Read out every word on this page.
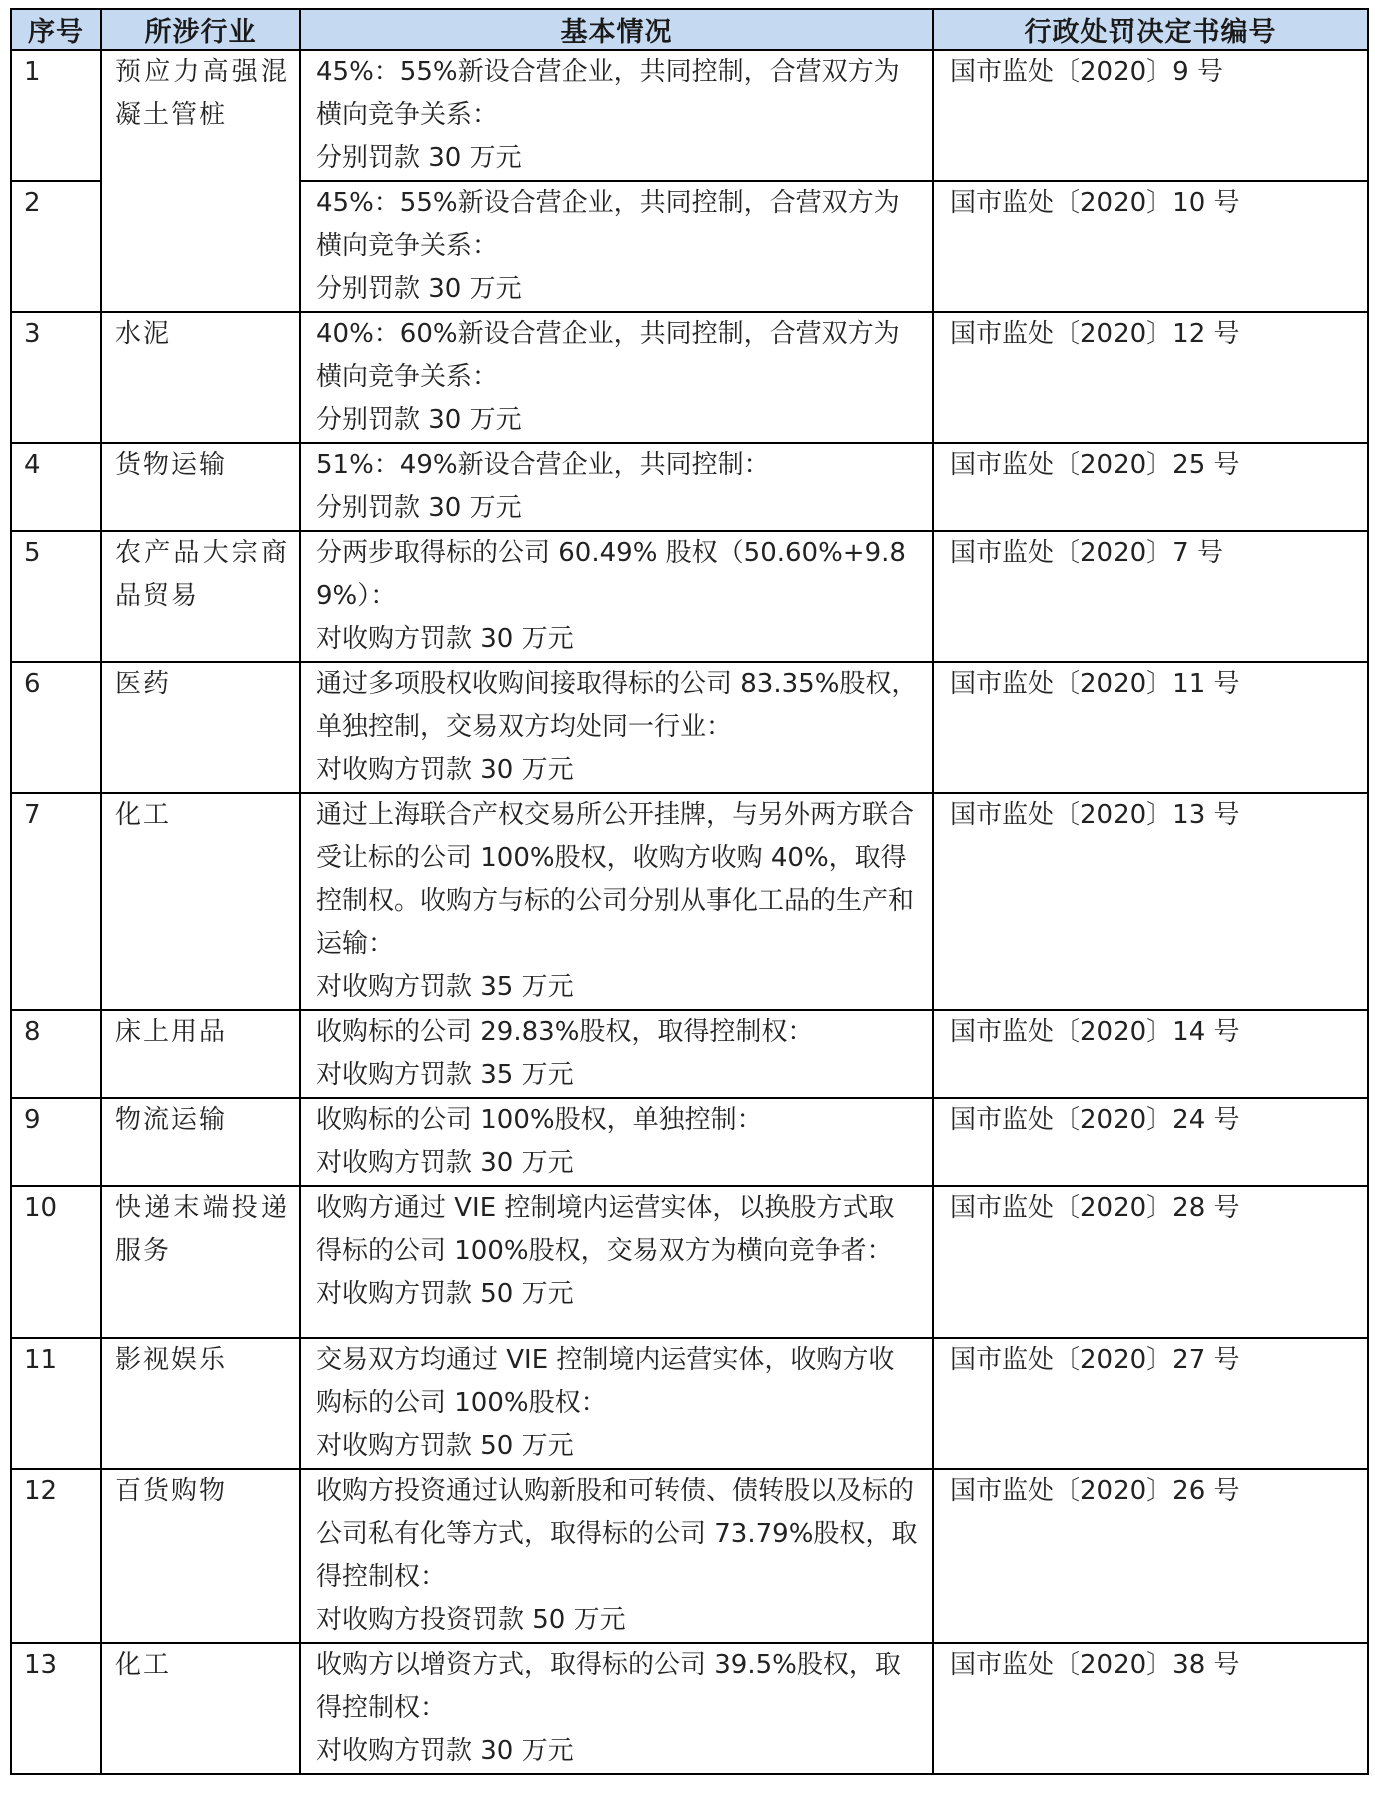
序号	所涉行业	基本情况	行政处罚决定书编号
1	预应力高强混凝土管桩	45%：55%新设合营企业，共同控制，合营双方为横向竞争关系：
分别罚款 30 万元	国市监处〔2020〕9 号
2		45%：55%新设合营企业，共同控制，合营双方为横向竞争关系：
分别罚款 30 万元	国市监处〔2020〕10 号
3	水泥	40%：60%新设合营企业，共同控制，合营双方为横向竞争关系：
分别罚款 30 万元	国市监处〔2020〕12 号
4	货物运输	51%：49%新设合营企业，共同控制：
分别罚款 30 万元	国市监处〔2020〕25 号
5	农产品大宗商品贸易	分两步取得标的公司 60.49% 股权（50.60%+9.89%）：
对收购方罚款 30 万元	国市监处〔2020〕7 号
6	医药	通过多项股权收购间接取得标的公司 83.35%股权，单独控制，交易双方均处同一行业：
对收购方罚款 30 万元	国市监处〔2020〕11 号
7	化工	通过上海联合产权交易所公开挂牌，与另外两方联合受让标的公司 100%股权，收购方收购 40%，取得控制权。收购方与标的公司分别从事化工品的生产和运输：
对收购方罚款 35 万元	国市监处〔2020〕13 号
8	床上用品	收购标的公司 29.83%股权，取得控制权：
对收购方罚款 35 万元	国市监处〔2020〕14 号
9	物流运输	收购标的公司 100%股权，单独控制：
对收购方罚款 30 万元	国市监处〔2020〕24 号
10	快递末端投递服务	收购方通过 VIE 控制境内运营实体，以换股方式取得标的公司 100%股权，交易双方为横向竞争者：
对收购方罚款 50 万元	国市监处〔2020〕28 号
11	影视娱乐	交易双方均通过 VIE 控制境内运营实体，收购方收购标的公司 100%股权：
对收购方罚款 50 万元	国市监处〔2020〕27 号
12	百货购物	收购方投资通过认购新股和可转债、债转股以及标的公司私有化等方式，取得标的公司 73.79%股权，取得控制权：
对收购方投资罚款 50 万元	国市监处〔2020〕26 号
13	化工	收购方以增资方式，取得标的公司 39.5%股权，取得控制权：
对收购方罚款 30 万元	国市监处〔2020〕38 号
